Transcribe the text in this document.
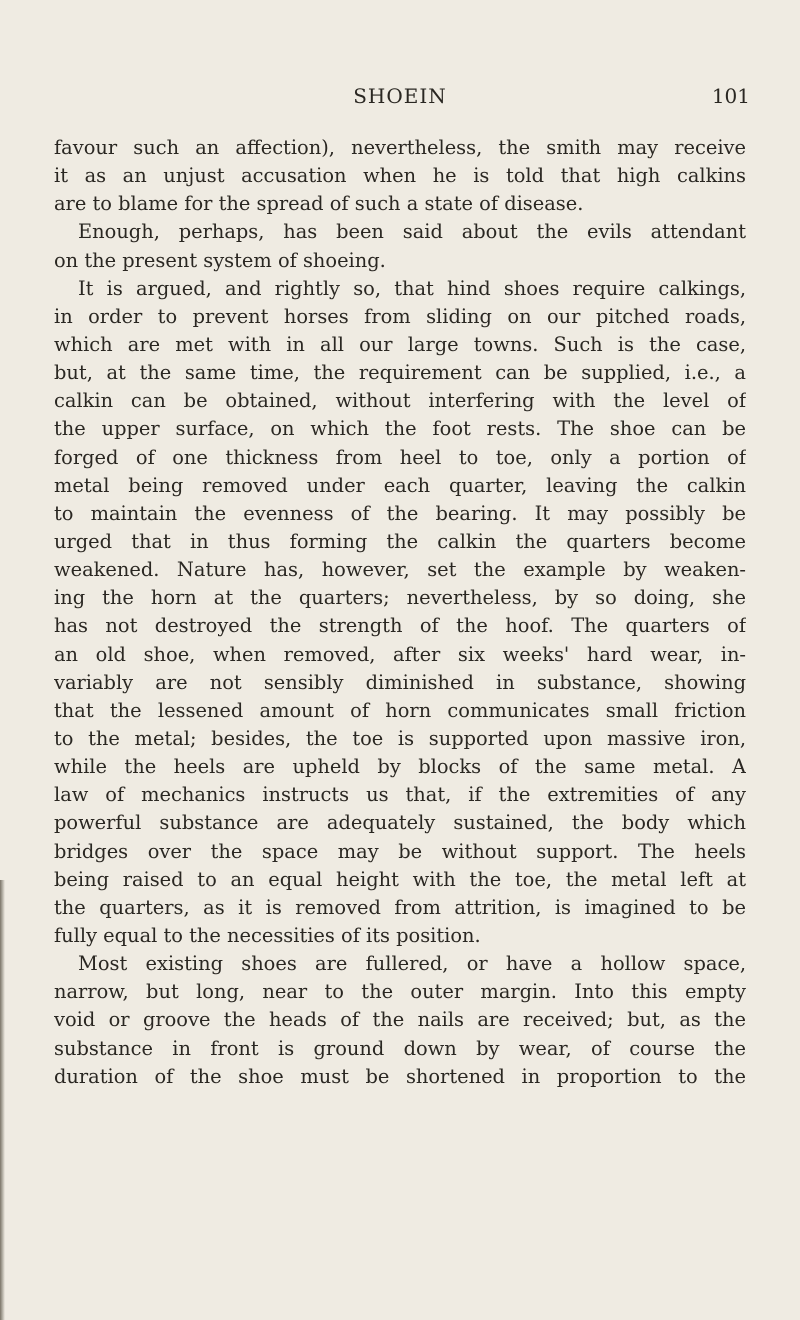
SHOEIN	101
favour such an affection), nevertheless, the smith may receive
it as an unjust accusation when he is told that high calkins
are to blame for the spread of such a state of disease.
Enough, perhaps, has been said about the evils attendant
on the present system of shoeing.
It is argued, and rightly so, that hind shoes require calkings,
in order to prevent horses from sliding on our pitched roads,
which are met with in all our large towns. Such is the case,
but, at the same time, the requirement can be supplied, i.e., a
calkin can be obtained, without interfering with the level of
the upper surface, on which the foot rests. The shoe can be
forged of one thickness from heel to toe, only a portion of
metal being removed under each quarter, leaving the calkin
to maintain the evenness of the bearing. It may possibly be
urged that in thus forming the calkin the quarters become
weakened. Nature has, however, set the example by weaken-
ing the horn at the quarters; nevertheless, by so doing, she
has not destroyed the strength of the hoof. The quarters of
an old shoe, when removed, after six weeks' hard wear, in-
variably are not sensibly diminished in substance, showing
that the lessened amount of horn communicates small friction
to the metal; besides, the toe is supported upon massive iron,
while the heels are upheld by blocks of the same metal. A
law of mechanics instructs us that, if the extremities of any
powerful substance are adequately sustained, the body which
bridges over the space may be without support. The heels
being raised to an equal height with the toe, the metal left at
the quarters, as it is removed from attrition, is imagined to be
fully equal to the necessities of its position.
Most existing shoes are fullered, or have a hollow space,
narrow, but long, near to the outer margin. Into this empty
void or groove the heads of the nails are received; but, as the
substance in front is ground down by wear, of course the
duration of the shoe must be shortened in proportion to the
